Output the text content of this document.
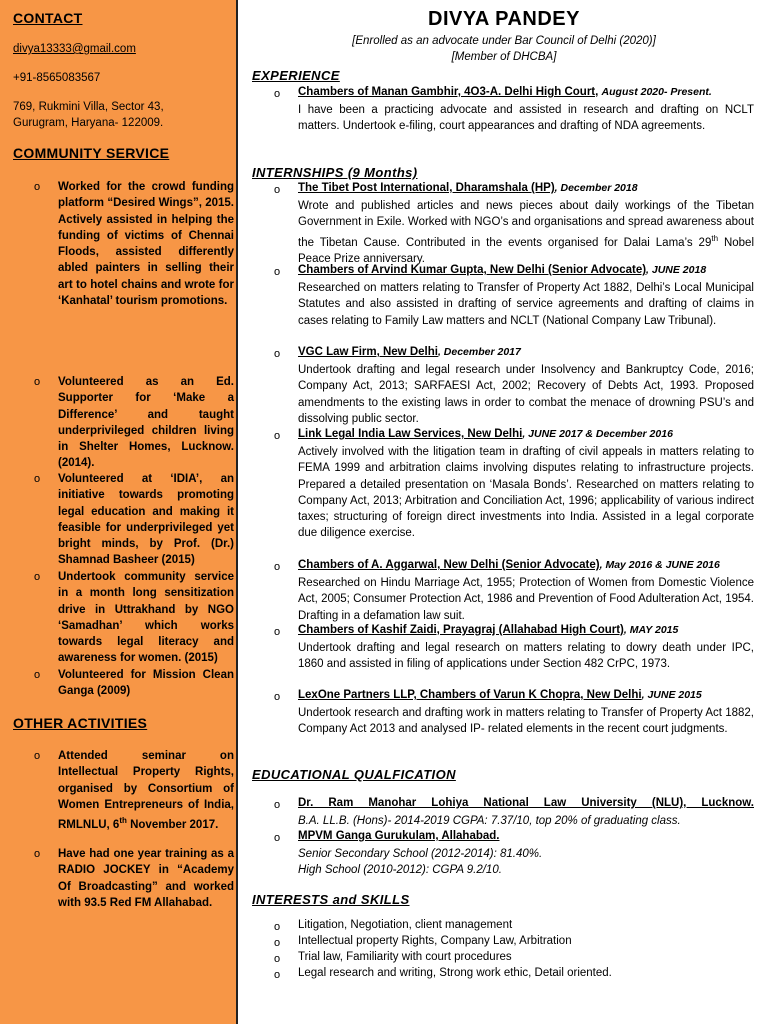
CONTACT
divya13333@gmail.com
+91-8565083567
769, Rukmini Villa, Sector 43,
Gurugram, Haryana- 122009.
COMMUNITY SERVICE
o Worked for the crowd funding platform “Desired Wings”, 2015. Actively assisted in helping the funding of victims of Chennai Floods, assisted differently abled painters in selling their art to hotel chains and wrote for ‘Kanhatal’ tourism promotions.
o Volunteered as an Ed. Supporter for ‘Make a Difference’ and taught underprivileged children living in Shelter Homes, Lucknow. (2014).
o Volunteered at ‘IDIA’, an initiative towards promoting legal education and making it feasible for underprivileged yet bright minds, by Prof. (Dr.) Shamnad Basheer (2015)
o Undertook community service in a month long sensitization drive in Uttrakhand by NGO ‘Samadhan’ which works towards legal literacy and awareness for women. (2015)
o Volunteered for Mission Clean Ganga (2009)
OTHER ACTIVITIES
o Attended seminar on Intellectual Property Rights, organised by Consortium of Women Entrepreneurs of India, RMLNLU, 6th November 2017.
o Have had one year training as a RADIO JOCKEY in “Academy Of Broadcasting” and worked with 93.5 Red FM Allahabad.
DIVYA PANDEY
[Enrolled as an advocate under Bar Council of Delhi (2020)]
[Member of DHCBA]
EXPERIENCE
o Chambers of Manan Gambhir, 4O3-A. Delhi High Court, August 2020- Present.
I have been a practicing advocate and assisted in research and drafting on NCLT matters. Undertook e-filing, court appearances and drafting of NDA agreements.
INTERNSHIPS (9 Months)
o The Tibet Post International, Dharamshala (HP), December 2018
Wrote and published articles and news pieces about daily workings of the Tibetan Government in Exile. Worked with NGO’s and organisations and spread awareness about the Tibetan Cause. Contributed in the events organised for Dalai Lama’s 29th Nobel Peace Prize anniversary.
o Chambers of Arvind Kumar Gupta, New Delhi (Senior Advocate), JUNE 2018
Researched on matters relating to Transfer of Property Act 1882, Delhi’s Local Municipal Statutes and also assisted in drafting of service agreements and drafting of claims in cases relating to Family Law matters and NCLT (National Company Law Tribunal).
o VGC Law Firm, New Delhi, December 2017
Undertook drafting and legal research under Insolvency and Bankruptcy Code, 2016; Company Act, 2013; SARFAESI Act, 2002; Recovery of Debts Act, 1993. Proposed amendments to the existing laws in order to combat the menace of drowning PSU’s and dissolving public sector.
o Link Legal India Law Services, New Delhi, JUNE 2017 & December 2016
Actively involved with the litigation team in drafting of civil appeals in matters relating to FEMA 1999 and arbitration claims involving disputes relating to infrastructure projects. Prepared a detailed presentation on ‘Masala Bonds’. Researched on matters relating to Company Act, 2013; Arbitration and Conciliation Act, 1996; applicability of various indirect taxes; structuring of foreign direct investments into India. Assisted in a legal corporate due diligence exercise.
o Chambers of A. Aggarwal, New Delhi (Senior Advocate), May 2016 & JUNE 2016
Researched on Hindu Marriage Act, 1955; Protection of Women from Domestic Violence Act, 2005; Consumer Protection Act, 1986 and Prevention of Food Adulteration Act, 1954. Drafting in a defamation law suit.
o Chambers of Kashif Zaidi, Prayagraj (Allahabad High Court), MAY 2015
Undertook drafting and legal research on matters relating to dowry death under IPC, 1860 and assisted in filing of applications under Section 482 CrPC, 1973.
o LexOne Partners LLP, Chambers of Varun K Chopra, New Delhi, JUNE 2015
Undertook research and drafting work in matters relating to Transfer of Property Act 1882, Company Act 2013 and analysed IP- related elements in the recent court judgments.
EDUCATIONAL QUALFICATION
o Dr. Ram Manohar Lohiya National Law University (NLU), Lucknow.
B.A. LL.B. (Hons)- 2014-2019 CGPA: 7.37/10, top 20% of graduating class.
o MPVM Ganga Gurukulam, Allahabad.
Senior Secondary School (2012-2014): 81.40%.
High School (2010-2012): CGPA 9.2/10.
INTERESTS and SKILLS
o Litigation, Negotiation, client management
o Intellectual property Rights, Company Law, Arbitration
o Trial law, Familiarity with court procedures
o Legal research and writing, Strong work ethic, Detail oriented.
